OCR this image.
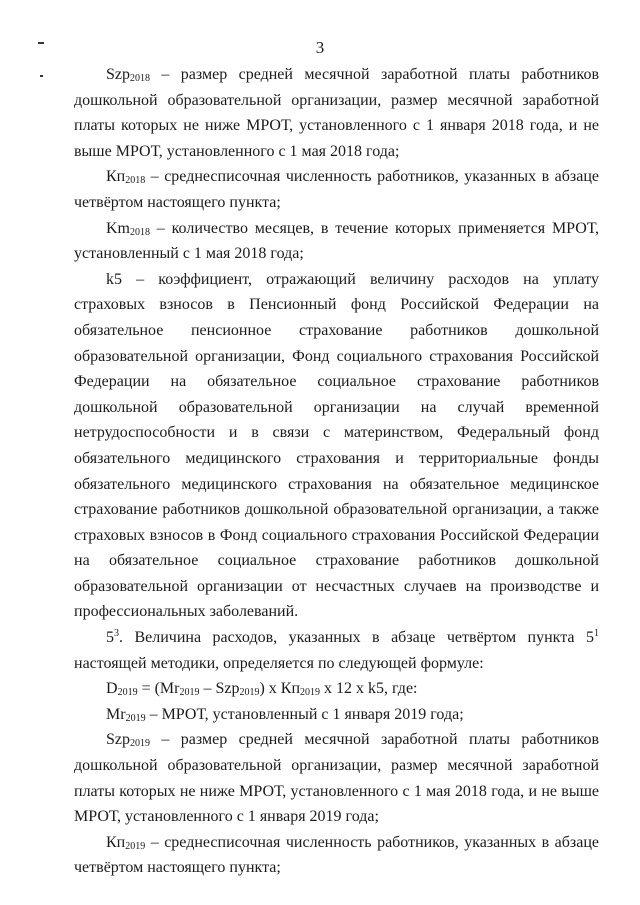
3

Szp$_{2018}$ – размер средней месячной заработной платы работников дошкольной образовательной организации, размер месячной заработной платы которых не ниже МРОТ, установленного с 1 января 2018 года, и не выше МРОТ, установленного с 1 мая 2018 года;

$Кп_{2018}$ – среднесписочная численность работников, указанных в абзаце четвёртом настоящего пункта;

$Km_{2018}$ – количество месяцев, в течение которых применяется МРОТ, установленный с 1 мая 2018 года;

k5 – коэффициент, отражающий величину расходов на уплату страховых взносов в Пенсионный фонд Российской Федерации на обязательное пенсионное страхование работников дошкольной образовательной организации, Фонд социального страхования Российской Федерации на обязательное социальное страхование работников дошкольной образовательной организации на случай временной нетрудоспособности и в связи с материнством, Федеральный фонд обязательного медицинского страхования и территориальные фонды обязательного медицинского страхования на обязательное медицинское страхование работников дошкольной образовательной организации, а также страховых взносов в Фонд социального страхования Российской Федерации на обязательное социальное страхование работников дошкольной образовательной организации от несчастных случаев на производстве и профессиональных заболеваний.

$5^3$. Величина расходов, указанных в абзаце четвёртом пункта $5^1$ настоящей методики, определяется по следующей формуле:

$D_{2019} = (Mr_{2019} - Szp_{2019})$ x $Кп_{2019}$ x 12 x k5, где:

$Mr_{2019}$ – МРОТ, установленный с 1 января 2019 года;

Szp$_{2019}$ – размер средней месячной заработной платы работников дошкольной образовательной организации, размер месячной заработной платы которых не ниже МРОТ, установленного с 1 мая 2018 года, и не выше МРОТ, установленного с 1 января 2019 года;

$Кп_{2019}$ – среднесписочная численность работников, указанных в абзаце четвёртом настоящего пункта;
